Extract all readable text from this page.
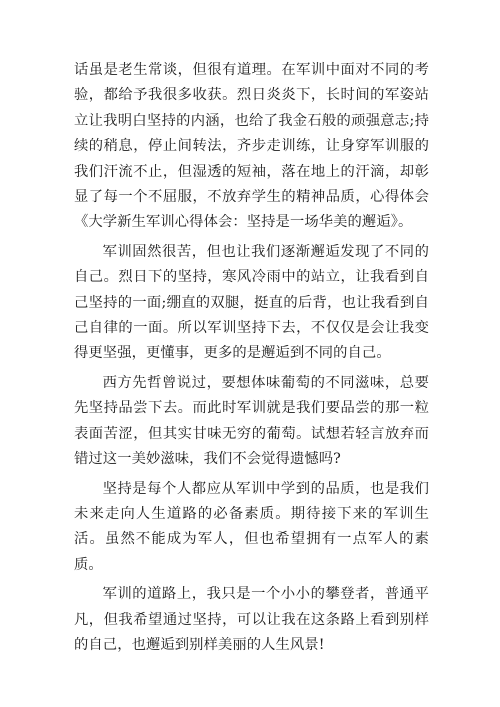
话虽是老生常谈，但很有道理。在军训中面对不同的考验，都给予我很多收获。烈日炎炎下，长时间的军姿站立让我明白坚持的内涵，也给了我金石般的顽强意志;持续的稍息，停止间转法，齐步走训练，让身穿军训服的我们汗流不止，但湿透的短袖，落在地上的汗滴，却彰显了每一个不屈服，不放弃学生的精神品质，心得体会《大学新生军训心得体会：坚持是一场华美的邂逅》。

军训固然很苦，但也让我们逐渐邂逅发现了不同的自己。烈日下的坚持，寒风冷雨中的站立，让我看到自己坚持的一面;绷直的双腿，挺直的后背，也让我看到自己自律的一面。所以军训坚持下去，不仅仅是会让我变得更坚强，更懂事，更多的是邂逅到不同的自己。

西方先哲曾说过，要想体味葡萄的不同滋味，总要先坚持品尝下去。而此时军训就是我们要品尝的那一粒表面苦涩，但其实甘味无穷的葡萄。试想若轻言放弃而错过这一美妙滋味，我们不会觉得遗憾吗?

坚持是每个人都应从军训中学到的品质，也是我们未来走向人生道路的必备素质。期待接下来的军训生活。虽然不能成为军人，但也希望拥有一点军人的素质。

军训的道路上，我只是一个小小的攀登者，普通平凡，但我希望通过坚持，可以让我在这条路上看到别样的自己，也邂逅到别样美丽的人生风景!
